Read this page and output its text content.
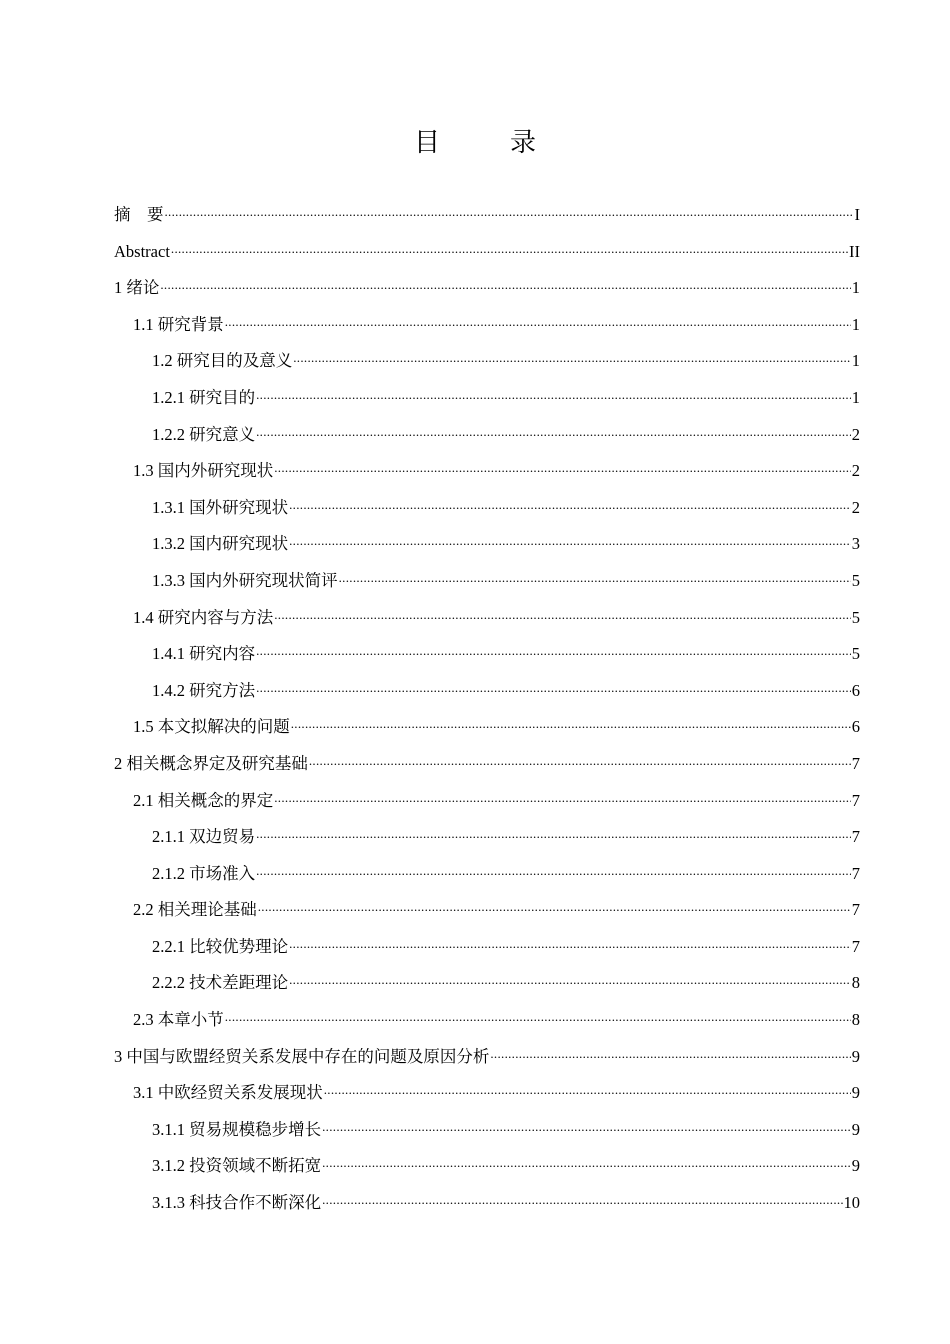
目　录
摘　要 .....	I
Abstract .....	II
1 绪论 .....	1
1.1 研究背景 .....	1
1.2 研究目的及意义 .....	1
1.2.1 研究目的 .....	1
1.2.2 研究意义 .....	2
1.3 国内外研究现状 .....	2
1.3.1 国外研究现状 .....	2
1.3.2 国内研究现状 .....	3
1.3.3 国内外研究现状简评 .....	5
1.4 研究内容与方法 .....	5
1.4.1 研究内容 .....	5
1.4.2 研究方法 .....	6
1.5 本文拟解决的问题 .....	6
2 相关概念界定及研究基础 .....	7
2.1 相关概念的界定 .....	7
2.1.1 双边贸易 .....	7
2.1.2 市场准入 .....	7
2.2 相关理论基础 .....	7
2.2.1 比较优势理论 .....	7
2.2.2 技术差距理论 .....	8
2.3 本章小节 .....	8
3 中国与欧盟经贸关系发展中存在的问题及原因分析 .....	9
3.1 中欧经贸关系发展现状 .....	9
3.1.1 贸易规模稳步增长 .....	9
3.1.2 投资领域不断拓宽 .....	9
3.1.3 科技合作不断深化 .....	10
